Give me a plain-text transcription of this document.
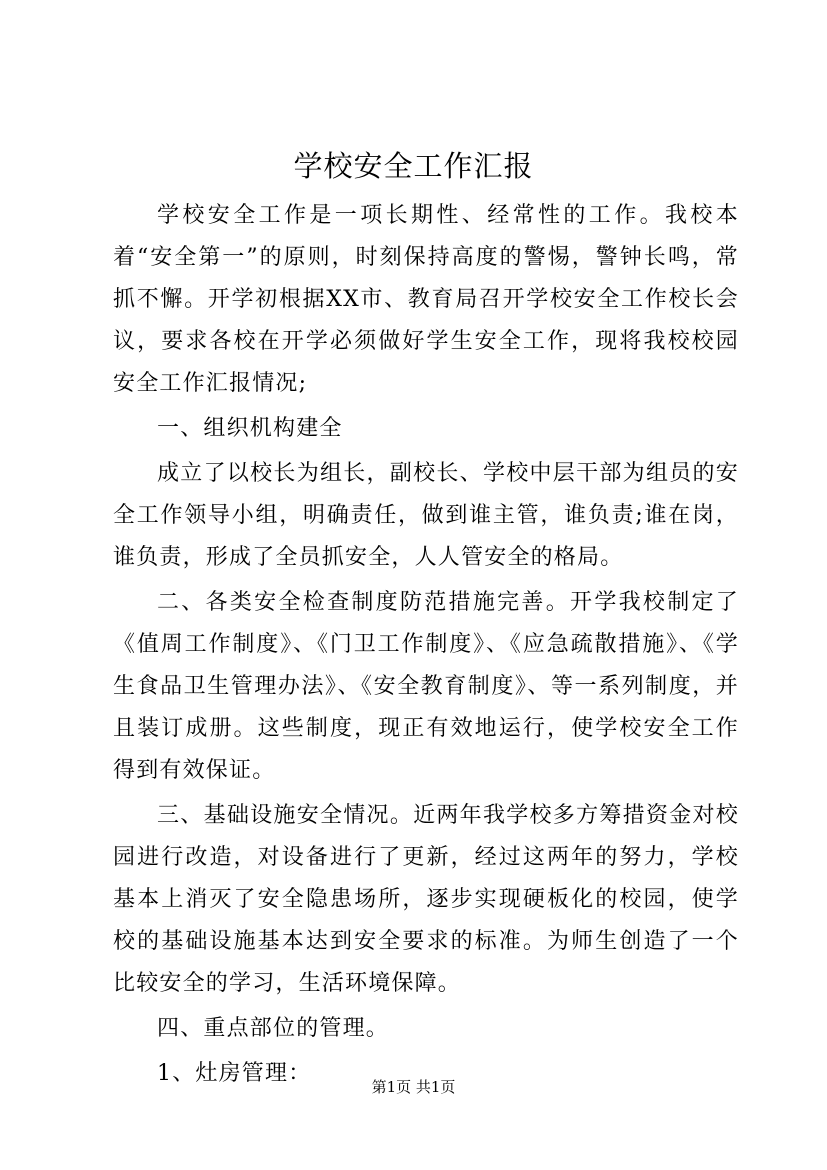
学校安全工作汇报

学校安全工作是一项长期性、经常性的工作。我校本着“安全第一”的原则，时刻保持高度的警惕，警钟长鸣，常抓不懈。开学初根据XX市、教育局召开学校安全工作校长会议，要求各校在开学必须做好学生安全工作，现将我校校园安全工作汇报情况;

一、组织机构建全

成立了以校长为组长，副校长、学校中层干部为组员的安全工作领导小组，明确责任，做到谁主管，谁负责;谁在岗，谁负责，形成了全员抓安全，人人管安全的格局。

二、各类安全检查制度防范措施完善。开学我校制定了《值周工作制度》、《门卫工作制度》、《应急疏散措施》、《学生食品卫生管理办法》、《安全教育制度》、等一系列制度，并且装订成册。这些制度，现正有效地运行，使学校安全工作得到有效保证。

三、基础设施安全情况。近两年我学校多方筹措资金对校园进行改造，对设备进行了更新，经过这两年的努力，学校基本上消灭了安全隐患场所，逐步实现硬板化的校园，使学校的基础设施基本达到安全要求的标准。为师生创造了一个比较安全的学习，生活环境保障。

四、重点部位的管理。

1、灶房管理：

第1页 共1页
